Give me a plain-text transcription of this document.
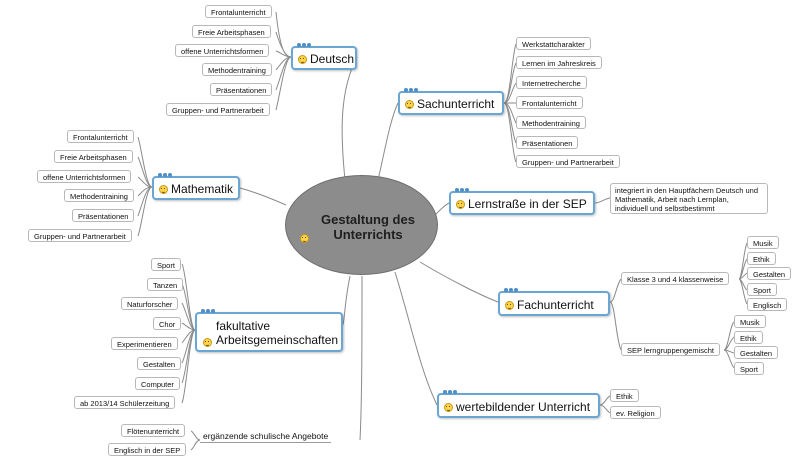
Gestaltung des Unterrichts
Deutsch
Frontalunterricht
Freie Arbeitsphasen
offene Unterrichtsformen
Methodentraining
Präsentationen
Gruppen- und Partnerarbeit
Mathematik
Frontalunterricht
Freie Arbeitsphasen
offene Unterrichtsformen
Methodentraining
Präsentationen
Gruppen- und Partnerarbeit
Sachunterricht
Werkstattcharakter
Lernen im Jahreskreis
Internetrecherche
Frontalunterricht
Methodentraining
Präsentationen
Gruppen- und Partnerarbeit
Lernstraße in der SEP
integriert in den Hauptfächern Deutsch und Mathematik, Arbeit nach Lernplan, individuell und selbstbestimmt
Fachunterricht
Klasse 3 und 4 klassenweise
SEP lerngruppengemischt
Musik
Ethik
Gestalten
Sport
Englisch
Musik
Ethik
Gestalten
Sport
fakultative
Arbeitsgemeinschaften
Sport
Tanzen
Naturforscher
Chor
Experimentieren
Gestalten
Computer
ab 2013/14 Schülerzeitung	wertebildender Unterricht
Ethik
ev. Religion
ergänzende schulische Angebote
Flötenunterricht
Englisch in der SEP
